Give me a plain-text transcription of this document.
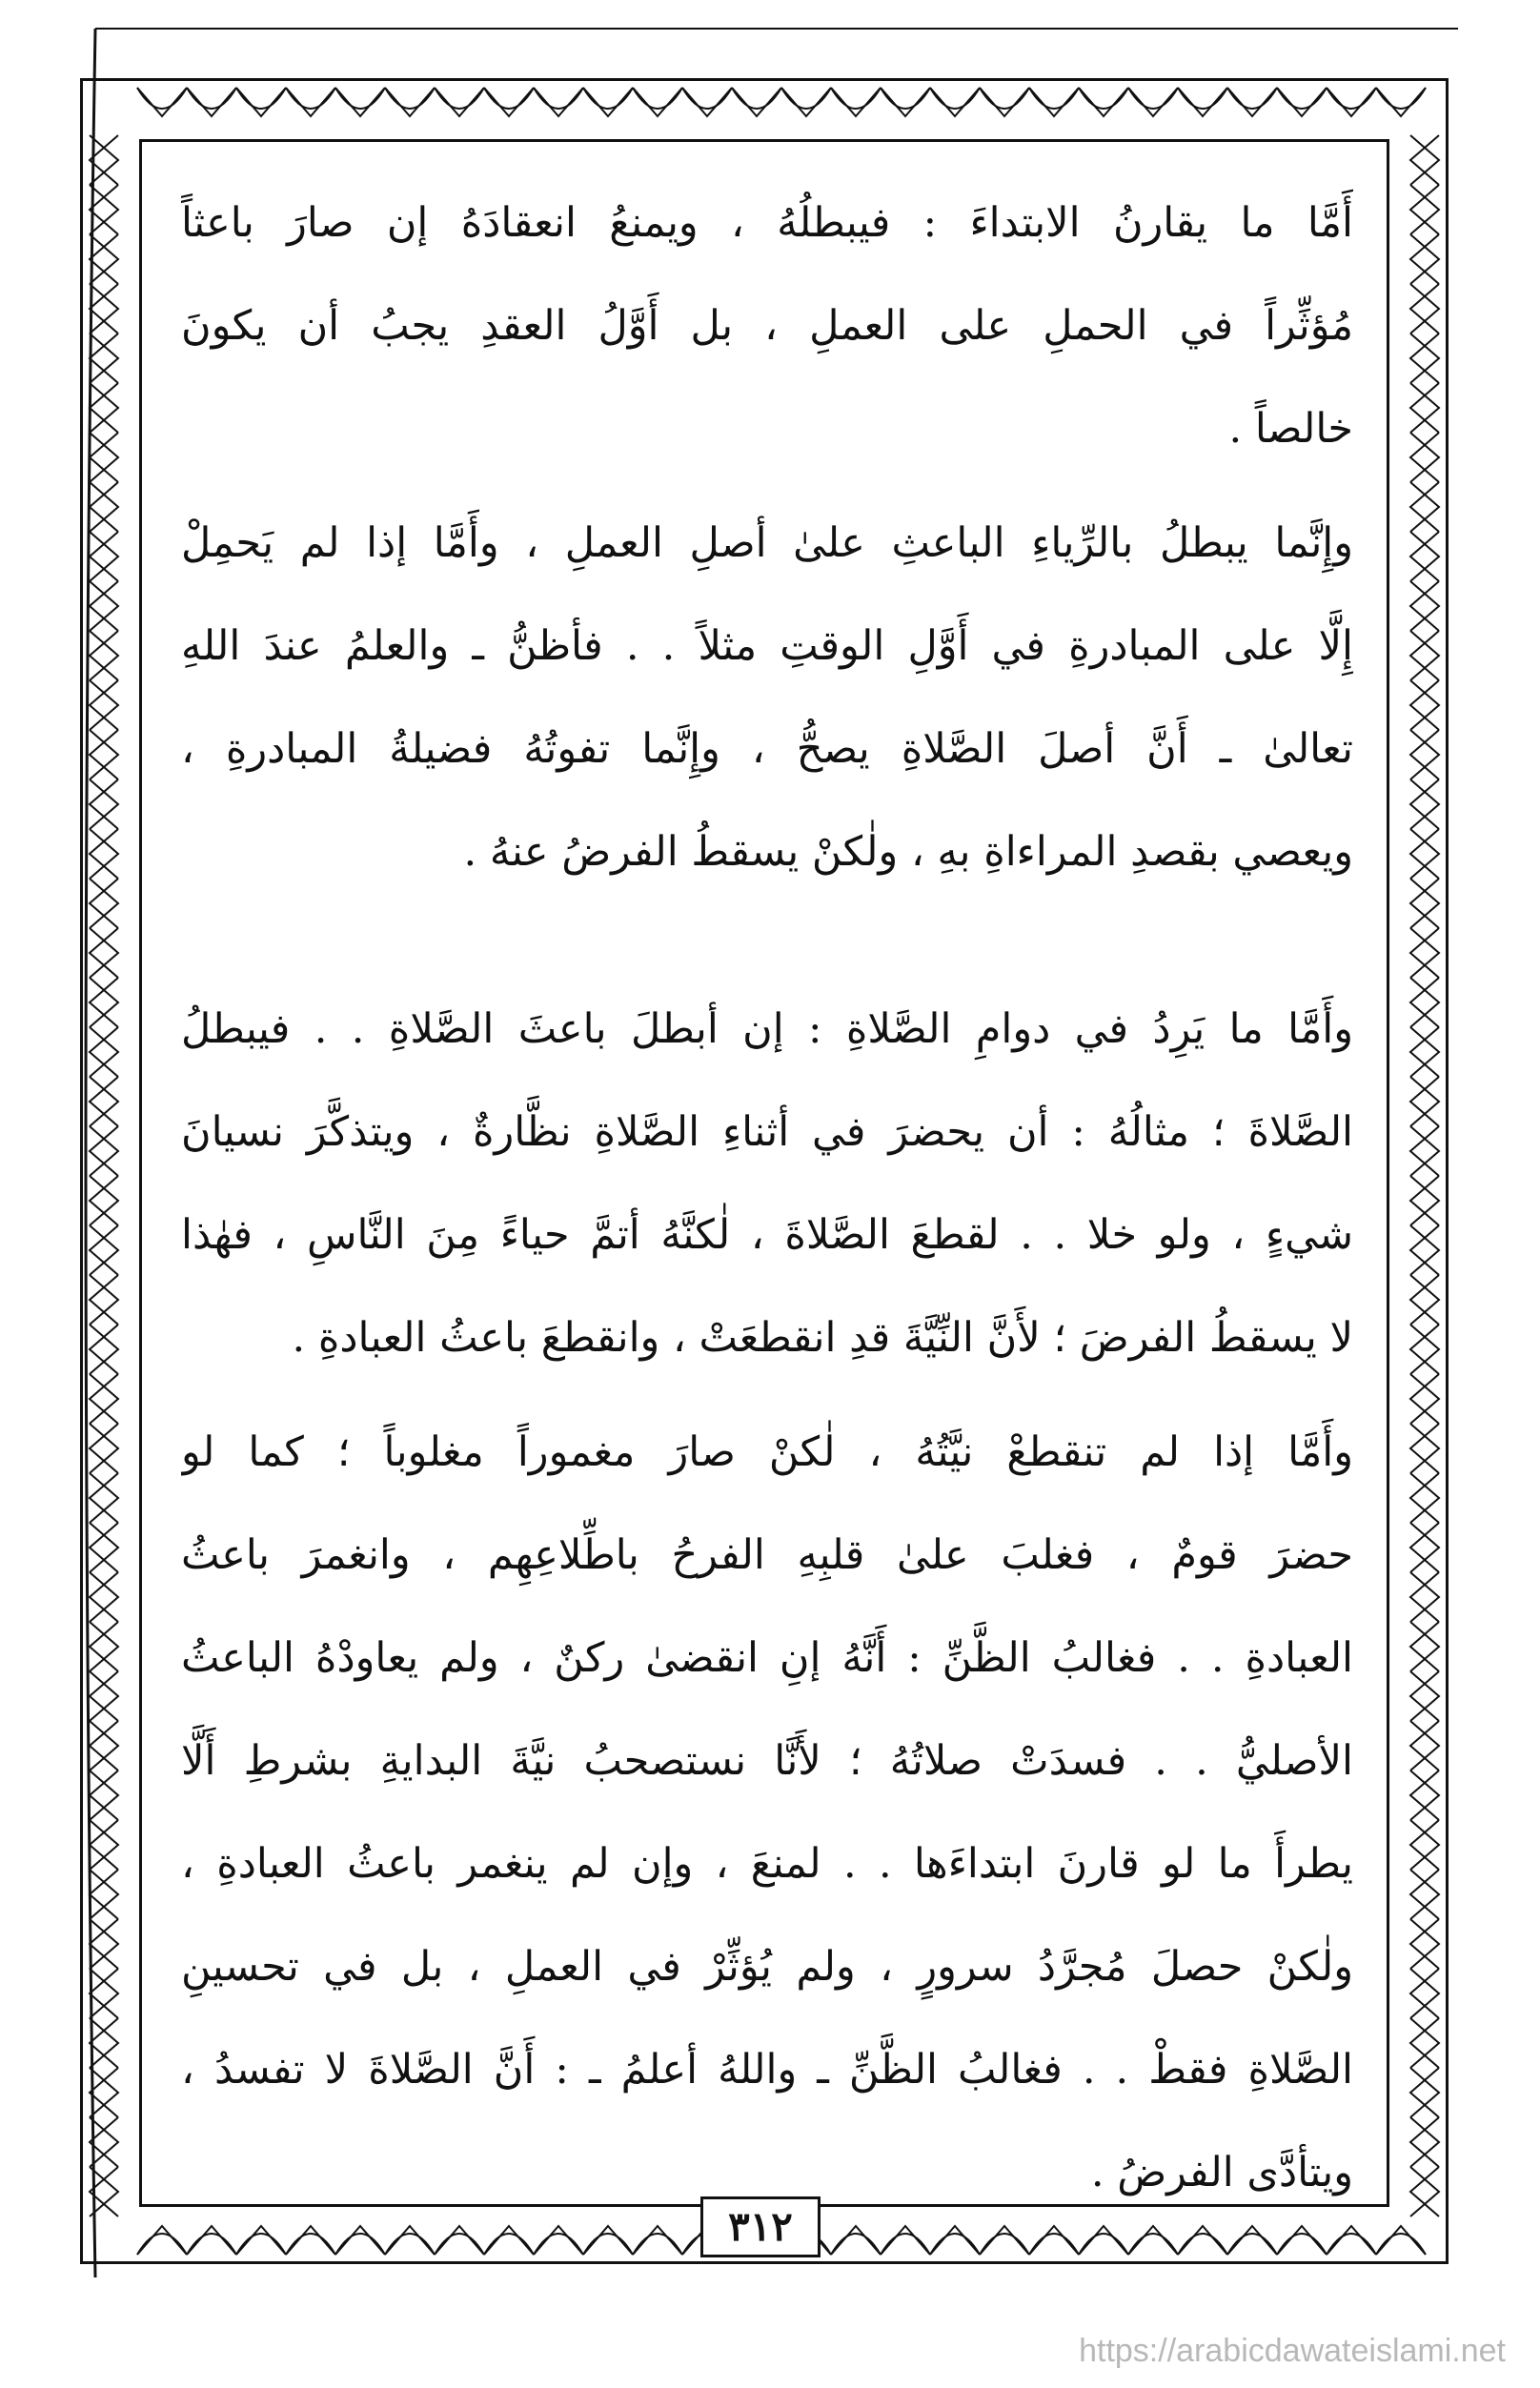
أَمَّا ما يقارنُ الابتداءَ : فيبطلُهُ ، ويمنعُ انعقادَهُ إن صارَ باعثاً
مُؤثِّراً في الحملِ على العملِ ، بل أَوَّلُ العقدِ يجبُ أن يكونَ
خالصاً .
وإِنَّما يبطلُ بالرِّياءِ الباعثِ علىٰ أصلِ العملِ ، وأَمَّا إذا لم يَحمِلْ
إِلَّا على المبادرةِ في أَوَّلِ الوقتِ مثلاً . . فأظنُّ ـ والعلمُ عندَ اللهِ
تعالىٰ ـ أَنَّ أصلَ الصَّلاةِ يصحُّ ، وإِنَّما تفوتُهُ فضيلةُ المبادرةِ ،
ويعصي بقصدِ المراءاةِ بهِ ، ولٰكنْ يسقطُ الفرضُ عنهُ .
وأَمَّا ما يَرِدُ في دوامِ الصَّلاةِ : إن أبطلَ باعثَ الصَّلاةِ . . فيبطلُ
الصَّلاةَ ؛ مثالُهُ : أن يحضرَ في أثناءِ الصَّلاةِ نظَّارةٌ ، ويتذكَّرَ نسيانَ
شيءٍ ، ولو خلا . . لقطعَ الصَّلاةَ ، لٰكنَّهُ أتمَّ حياءً مِنَ النَّاسِ ، فهٰذا
لا يسقطُ الفرضَ ؛ لأَنَّ النِّيَّةَ قدِ انقطعَتْ ، وانقطعَ باعثُ العبادةِ .
وأَمَّا إذا لم تنقطعْ نيَّتُهُ ، لٰكنْ صارَ مغموراً مغلوباً ؛ كما لو
حضرَ قومٌ ، فغلبَ علىٰ قلبِهِ الفرحُ باطِّلاعِهِم ، وانغمرَ باعثُ
العبادةِ . . فغالبُ الظَّنِّ : أَنَّهُ إنِ انقضىٰ ركنٌ ، ولم يعاودْهُ الباعثُ
الأصليُّ . . فسدَتْ صلاتُهُ ؛ لأَنَّا نستصحبُ نيَّةَ البدايةِ بشرطِ أَلَّا
يطرأَ ما لو قارنَ ابتداءَها . . لمنعَ ، وإن لم ينغمر باعثُ العبادةِ ،
ولٰكنْ حصلَ مُجرَّدُ سرورٍ ، ولم يُؤثِّرْ في العملِ ، بل في تحسينِ
الصَّلاةِ فقطْ . . فغالبُ الظَّنِّ ـ واللهُ أعلمُ ـ : أَنَّ الصَّلاةَ لا تفسدُ ،
ويتأدَّى الفرضُ .
٣١٢
https://arabicdawateislami.net
